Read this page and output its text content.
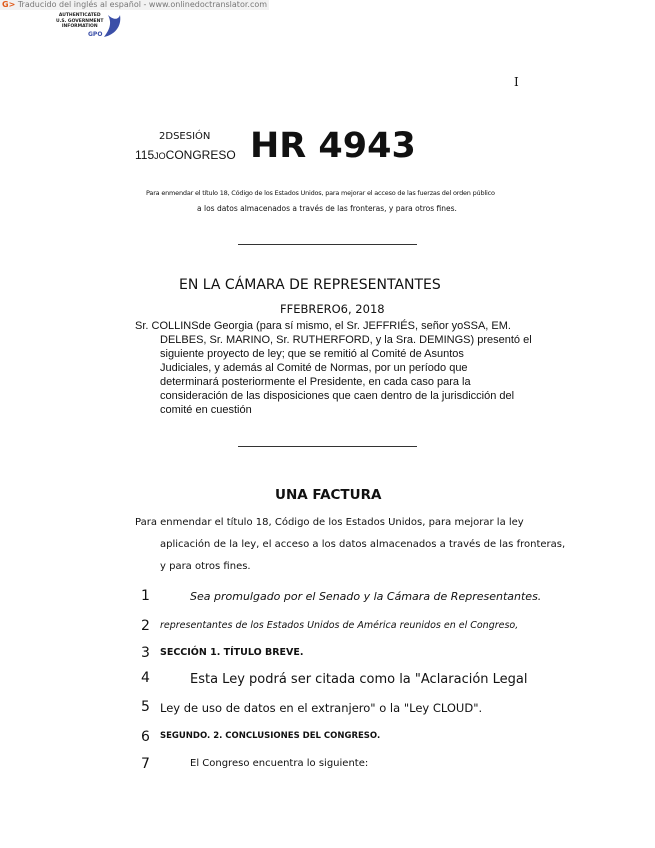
G> Traducido del inglés al español - www.onlinedoctranslator.com
AUTHENTICATED
U.S. GOVERNMENT
INFORMATION
GPO
I
2DSESIÓN
115JOCONGRESO HR 4943
Para enmendar el título 18, Código de los Estados Unidos, para mejorar el acceso de las fuerzas del orden público
a los datos almacenados a través de las fronteras, y para otros fines.
EN LA CÁMARA DE REPRESENTANTES
FFEBRERO6, 2018
Sr. COLLINSde Georgia (para sí mismo, el Sr. JEFFRIÉS, señor yoSSA, EM.
DELBES, Sr. MARINO, Sr. RUTHERFORD, y la Sra. DEMINGS) presentó el
siguiente proyecto de ley; que se remitió al Comité de Asuntos
Judiciales, y además al Comité de Normas, por un período que
determinará posteriormente el Presidente, en cada caso para la
consideración de las disposiciones que caen dentro de la jurisdicción del
comité en cuestión
UNA FACTURA
Para enmendar el título 18, Código de los Estados Unidos, para mejorar la ley
aplicación de la ley, el acceso a los datos almacenados a través de las fronteras,
y para otros fines.
1	Sea promulgado por el Senado y la Cámara de Representantes.
2 representantes de los Estados Unidos de América reunidos en el Congreso,
3 SECCIÓN 1. TÍTULO BREVE.
4	Esta Ley podrá ser citada como la "Aclaración Legal
5 Ley de uso de datos en el extranjero" o la "Ley CLOUD".
6 SEGUNDO. 2. CONCLUSIONES DEL CONGRESO.
7	El Congreso encuentra lo siguiente:
